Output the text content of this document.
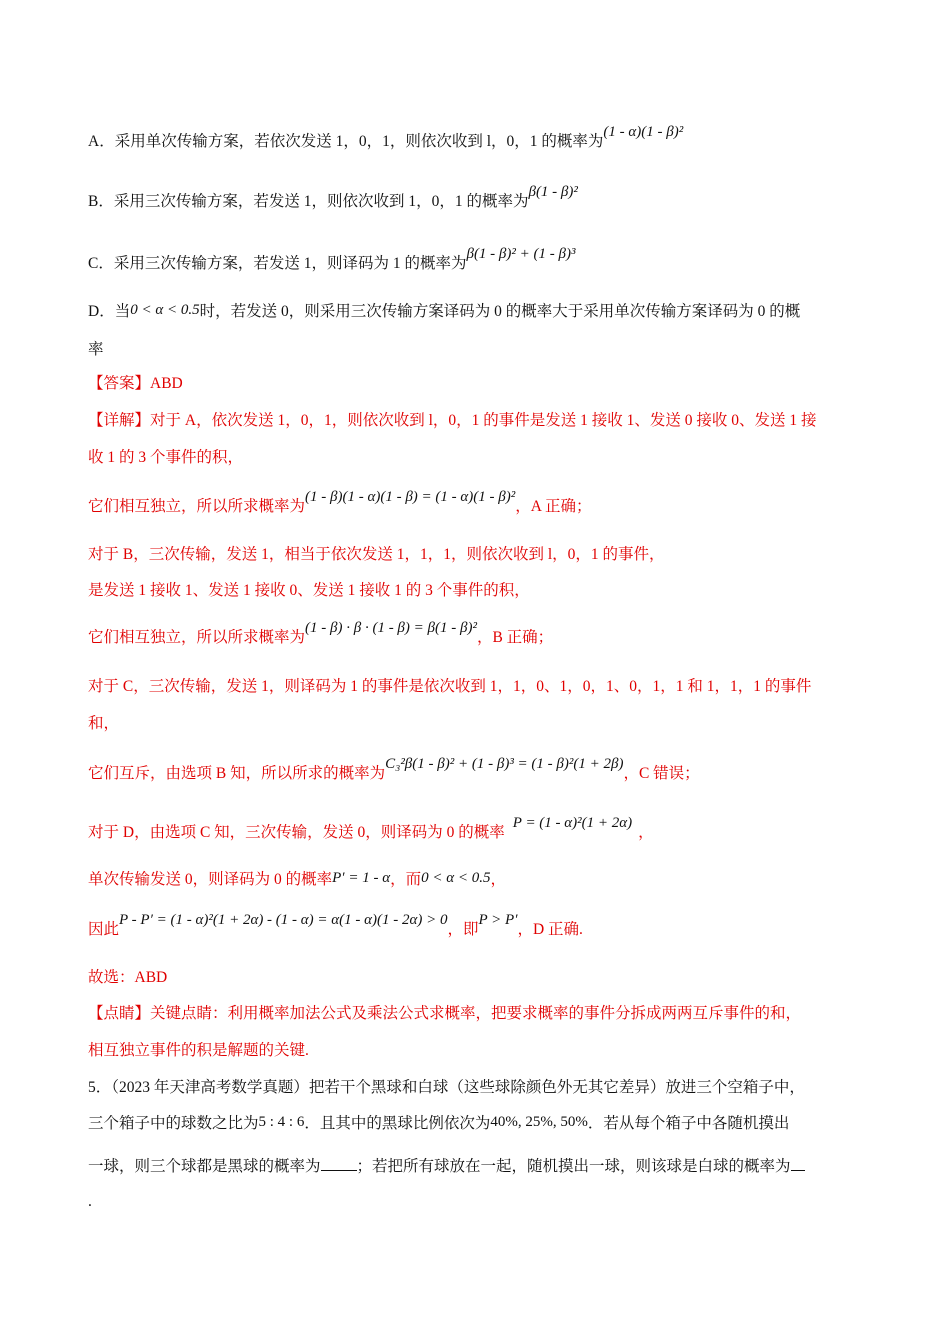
A．采用单次传输方案，若依次发送 1，0，1，则依次收到 l，0，1 的概率为(1 - α)(1 - β)²
B．采用三次传输方案，若发送 1，则依次收到 1，0，1 的概率为β(1 - β)²
C．采用三次传输方案，若发送 1，则译码为 1 的概率为β(1 - β)² + (1 - β)³
D．当0 < α < 0.5时，若发送 0，则采用三次传输方案译码为 0 的概率大于采用单次传输方案译码为 0 的概
率
【答案】ABD
【详解】对于 A，依次发送 1，0，1，则依次收到 l，0，1 的事件是发送 1 接收 1、发送 0 接收 0、发送 1 接
收 1 的 3 个事件的积，
它们相互独立，所以所求概率为(1 - β)(1 - α)(1 - β) = (1 - α)(1 - β)²，A 正确；
对于 B，三次传输，发送 1，相当于依次发送 1，1，1，则依次收到 l，0，1 的事件，
是发送 1 接收 1、发送 1 接收 0、发送 1 接收 1 的 3 个事件的积，
它们相互独立，所以所求概率为(1 - β) · β · (1 - β) = β(1 - β)²，B 正确；
对于 C，三次传输，发送 1，则译码为 1 的事件是依次收到 1，1，0、1，0，1、0，1，1 和 1，1，1 的事件
和，
它们互斥，由选项 B 知，所以所求的概率为C₃²β(1 - β)² + (1 - β)³ = (1 - β)²(1 + 2β)，C 错误；
对于 D，由选项 C 知，三次传输，发送 0，则译码为 0 的概率P = (1 - α)²(1 + 2α)，
单次传输发送 0，则译码为 0 的概率P′ = 1 - α，而0 < α < 0.5，
因此P - P′ = (1 - α)²(1 + 2α) - (1 - α) = α(1 - α)(1 - 2α) > 0，即P > P′，D 正确.
故选：ABD
【点睛】关键点睛：利用概率加法公式及乘法公式求概率，把要求概率的事件分拆成两两互斥事件的和，
相互独立事件的积是解题的关键.
5．（2023 年天津高考数学真题）把若干个黑球和白球（这些球除颜色外无其它差异）放进三个空箱子中，
三个箱子中的球数之比为5 : 4 : 6．且其中的黑球比例依次为40%, 25%, 50%．若从每个箱子中各随机摸出
一球，则三个球都是黑球的概率为 ；若把所有球放在一起，随机摸出一球，则该球是白球的概率为
.
